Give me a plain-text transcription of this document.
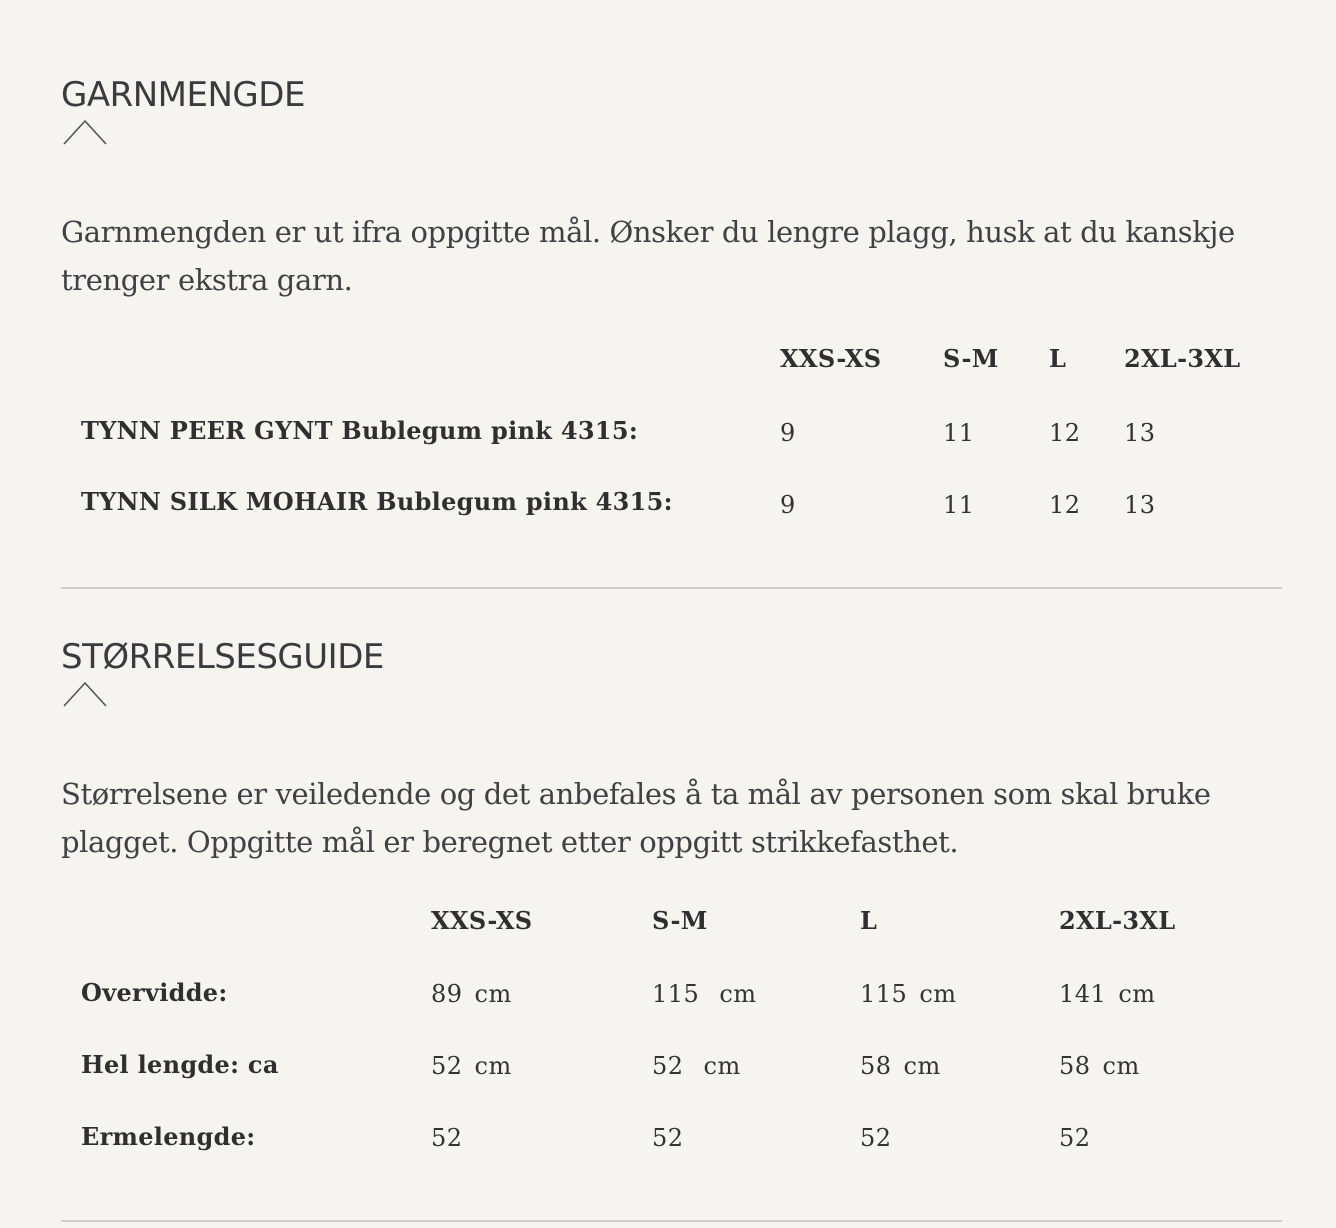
GARNMENGDE

Garnmengden er ut ifra oppgitte mål. Ønsker du lengre plagg, husk at du kanskje trenger ekstra garn.

XXS-XS	S-M L 2XL-3XL
TYNN PEER GYNT Bublegum pink 4315:	9	11	12 13
TYNN SILK MOHAIR Bublegum pink 4315:	9	11	12 13
STØRRELSESGUIDE

Størrelsene er veiledende og det anbefales å ta mål av personen som skal bruke plagget. Oppgitte mål er beregnet etter oppgitt strikkefasthet.

XXS-XS	S-M	L	2XL-3XL
Overvidde:	89 cm	115 cm	115 cm	141 cm
Hel lengde: ca	52 cm	52 cm	58 cm	58 cm
Ermelengde:	52	52	52	52
